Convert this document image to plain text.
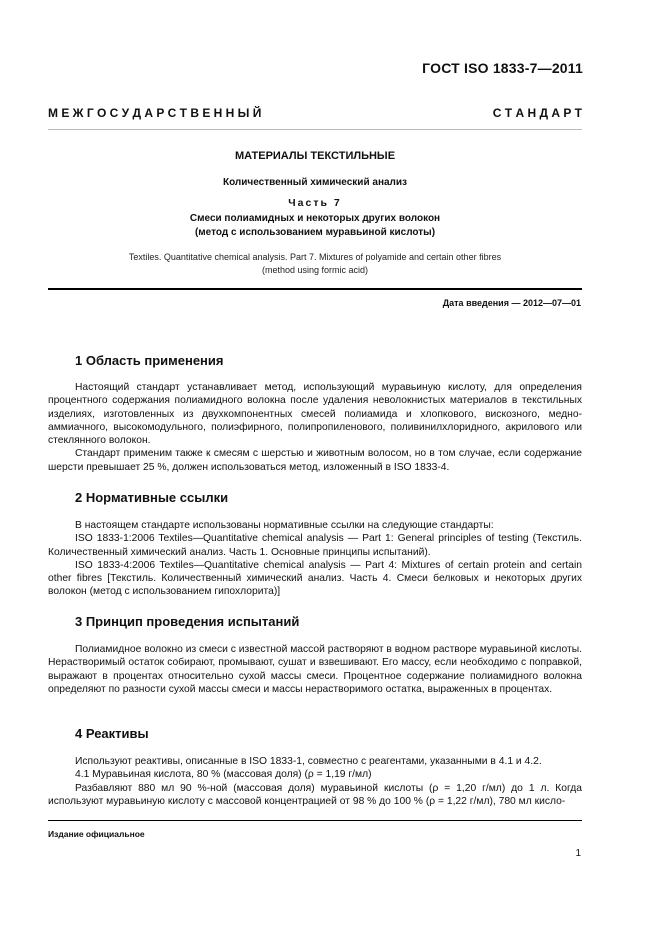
ГОСТ ISO 1833-7—2011
М Е Ж Г О С У Д А Р С Т В Е Н Н Ы Й	С Т А Н Д А Р Т
МАТЕРИАЛЫ ТЕКСТИЛЬНЫЕ
Количественный химический анализ
Часть 7
Смеси полиамидных и некоторых других волокон
(метод с использованием муравьиной кислоты)
Textiles. Quantitative chemical analysis. Part 7. Mixtures of polyamide and certain other fibres
(method using formic acid)
Дата введения — 2012—07—01
1 Область применения

Настоящий стандарт устанавливает метод, использующий муравьиную кислоту, для определения процентного содержания полиамидного волокна после удаления неволокнистых материалов в текстильных изделиях, изготовленных из двухкомпонентных смесей полиамида и хлопкового, вискозного, медно-аммиачного, высокомодульного, полиэфирного, полипропиленового, поливинилхлоридного, акрилового или стеклянного волокон.

Стандарт применим также к смесям с шерстью и животным волосом, но в том случае, если содержание шерсти превышает 25 %, должен использоваться метод, изложенный в ISO 1833-4.

2 Нормативные ссылки

В настоящем стандарте использованы нормативные ссылки на следующие стандарты:

ISO 1833-1:2006 Textiles—Quantitative chemical analysis — Part 1: General principles of testing (Текстиль. Количественный химический анализ. Часть 1. Основные принципы испытаний).

ISO 1833-4:2006 Textiles—Quantitative chemical analysis — Part 4: Mixtures of certain protein and certain other fibres [Текстиль. Количественный химический анализ. Часть 4. Смеси белковых и некоторых других волокон (метод с использованием гипохлорита)]

3 Принцип проведения испытаний

Полиамидное волокно из смеси с известной массой растворяют в водном растворе муравьиной кислоты. Нерастворимый остаток собирают, промывают, сушат и взвешивают. Его массу, если необходимо с поправкой, выражают в процентах относительно сухой массы смеси. Процентное содержание полиамидного волокна определяют по разности сухой массы смеси и массы нерастворимого остатка, выраженных в процентах.

4 Реактивы

Используют реактивы, описанные в ISO 1833-1, совместно с реагентами, указанными в 4.1 и 4.2.

4.1 Муравьиная кислота, 80 % (массовая доля) (ρ = 1,19 г/мл)

Разбавляют 880 мл 90 %-ной (массовая доля) муравьиной кислоты (ρ = 1,20 г/мл) до 1 л. Когда используют муравьиную кислоту с массовой концентрацией от 98 % до 100 % (ρ = 1,22 г/мл), 780 мл кисло-

Издание официальное
1
